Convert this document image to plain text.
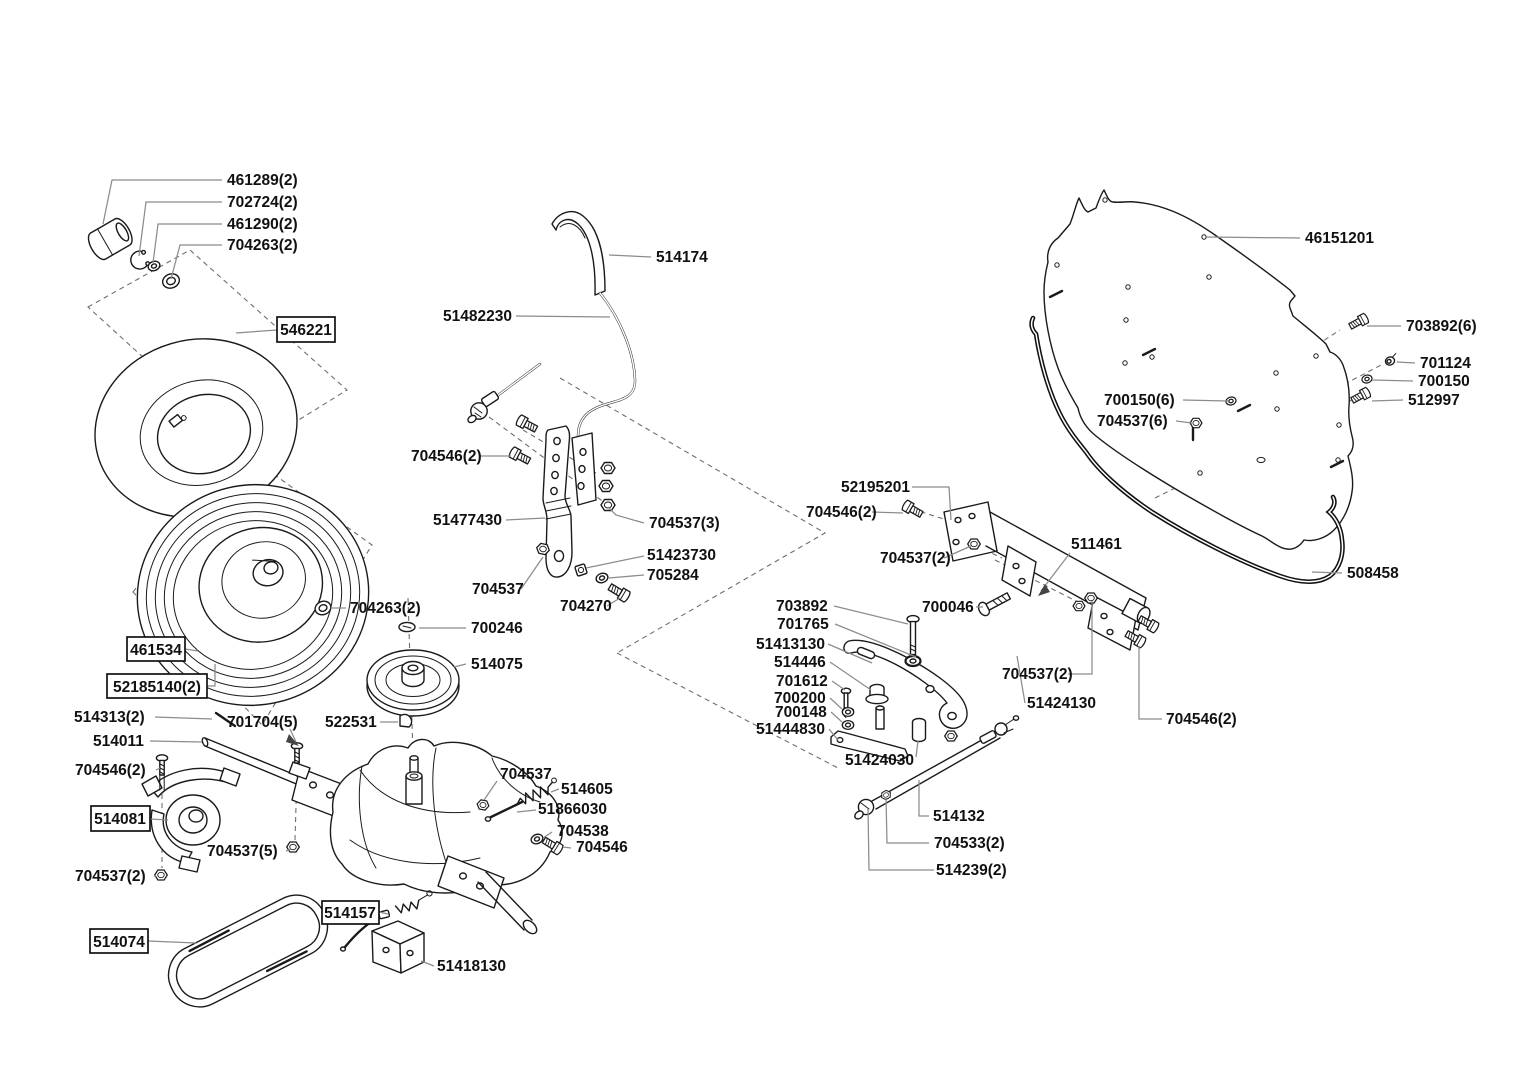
461289(2)
702724(2)
461290(2)
704263(2)
546221
461534
52185140(2)
704263(2)
700246
514075
522531
514313(2)	701704(5)
514011
704546(2)
514081
704537(5)
704537(2)
514074
514157
51418130
704537
514605
51866030
704538
704546
514174
51482230
704546(2)
51477430	704537(3)
51423730
705284
704537
704270
46151201
703892(6)
701124
700150
512997
700150(6)
704537(6)
52195201
704546(2)
704537(2)
511461
700046
508458
703892
701765
51413130
514446
701612
700200
700148
51444830
51424030
704537(2)
51424130
704546(2)
514132
704533(2)
514239(2)
